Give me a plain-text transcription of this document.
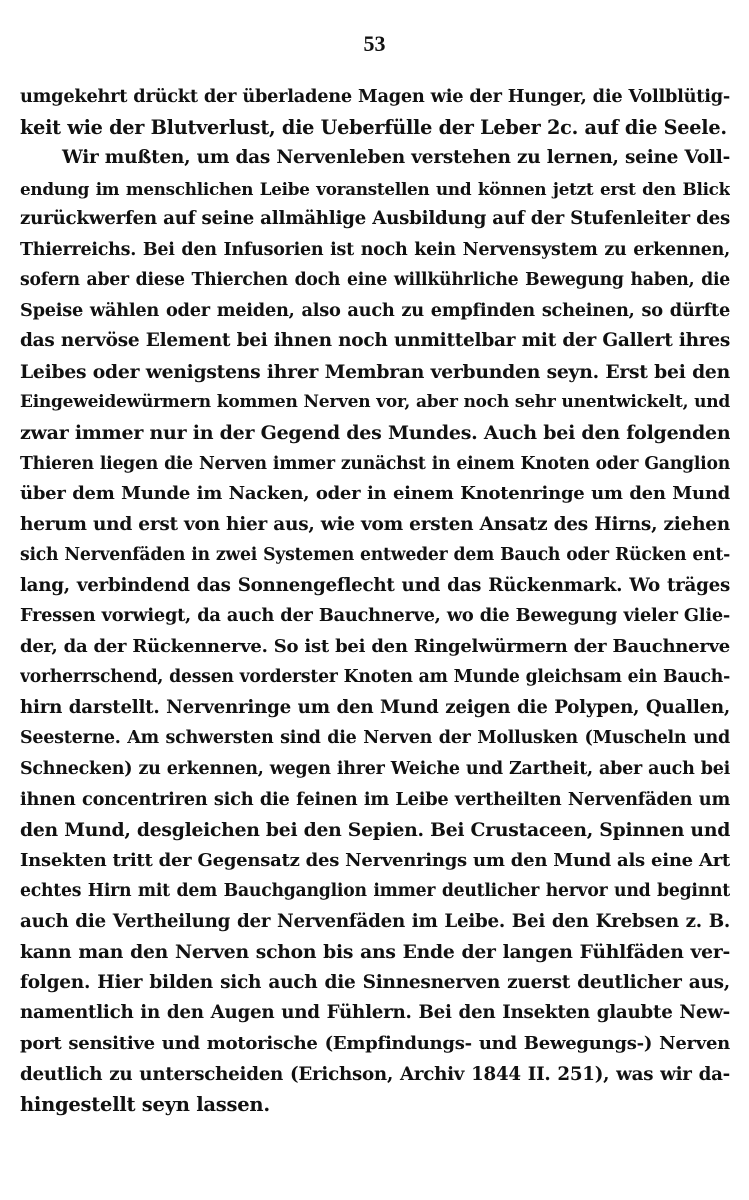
53
umgekehrt drückt der überladene Magen wie der Hunger, die Vollblütig-
keit wie der Blutverlust, die Ueberfülle der Leber 2c. auf die Seele.
Wir mußten, um das Nervenleben verstehen zu lernen, seine Voll-
endung im menschlichen Leibe voranstellen und können jetzt erst den Blick
zurückwerfen auf seine allmählige Ausbildung auf der Stufenleiter des
Thierreichs. Bei den Infusorien ist noch kein Nervensystem zu erkennen,
sofern aber diese Thierchen doch eine willkührliche Bewegung haben, die
Speise wählen oder meiden, also auch zu empfinden scheinen, so dürfte
das nervöse Element bei ihnen noch unmittelbar mit der Gallert ihres
Leibes oder wenigstens ihrer Membran verbunden seyn. Erst bei den
Eingeweidewürmern kommen Nerven vor, aber noch sehr unentwickelt, und
zwar immer nur in der Gegend des Mundes. Auch bei den folgenden
Thieren liegen die Nerven immer zunächst in einem Knoten oder Ganglion
über dem Munde im Nacken, oder in einem Knotenringe um den Mund
herum und erst von hier aus, wie vom ersten Ansatz des Hirns, ziehen
sich Nervenfäden in zwei Systemen entweder dem Bauch oder Rücken ent-
lang, verbindend das Sonnengeflecht und das Rückenmark. Wo träges
Fressen vorwiegt, da auch der Bauchnerve, wo die Bewegung vieler Glie-
der, da der Rückennerve. So ist bei den Ringelwürmern der Bauchnerve
vorherrschend, dessen vorderster Knoten am Munde gleichsam ein Bauch-
hirn darstellt. Nervenringe um den Mund zeigen die Polypen, Quallen,
Seesterne. Am schwersten sind die Nerven der Mollusken (Muscheln und
Schnecken) zu erkennen, wegen ihrer Weiche und Zartheit, aber auch bei
ihnen concentriren sich die feinen im Leibe vertheilten Nervenfäden um
den Mund, desgleichen bei den Sepien. Bei Crustaceen, Spinnen und
Insekten tritt der Gegensatz des Nervenrings um den Mund als eine Art
echtes Hirn mit dem Bauchganglion immer deutlicher hervor und beginnt
auch die Vertheilung der Nervenfäden im Leibe. Bei den Krebsen z. B.
kann man den Nerven schon bis ans Ende der langen Fühlfäden ver-
folgen. Hier bilden sich auch die Sinnesnerven zuerst deutlicher aus,
namentlich in den Augen und Fühlern. Bei den Insekten glaubte New-
port sensitive und motorische (Empfindungs- und Bewegungs-) Nerven
deutlich zu unterscheiden (Erichson, Archiv 1844 II. 251), was wir da-
hingestellt seyn lassen.
